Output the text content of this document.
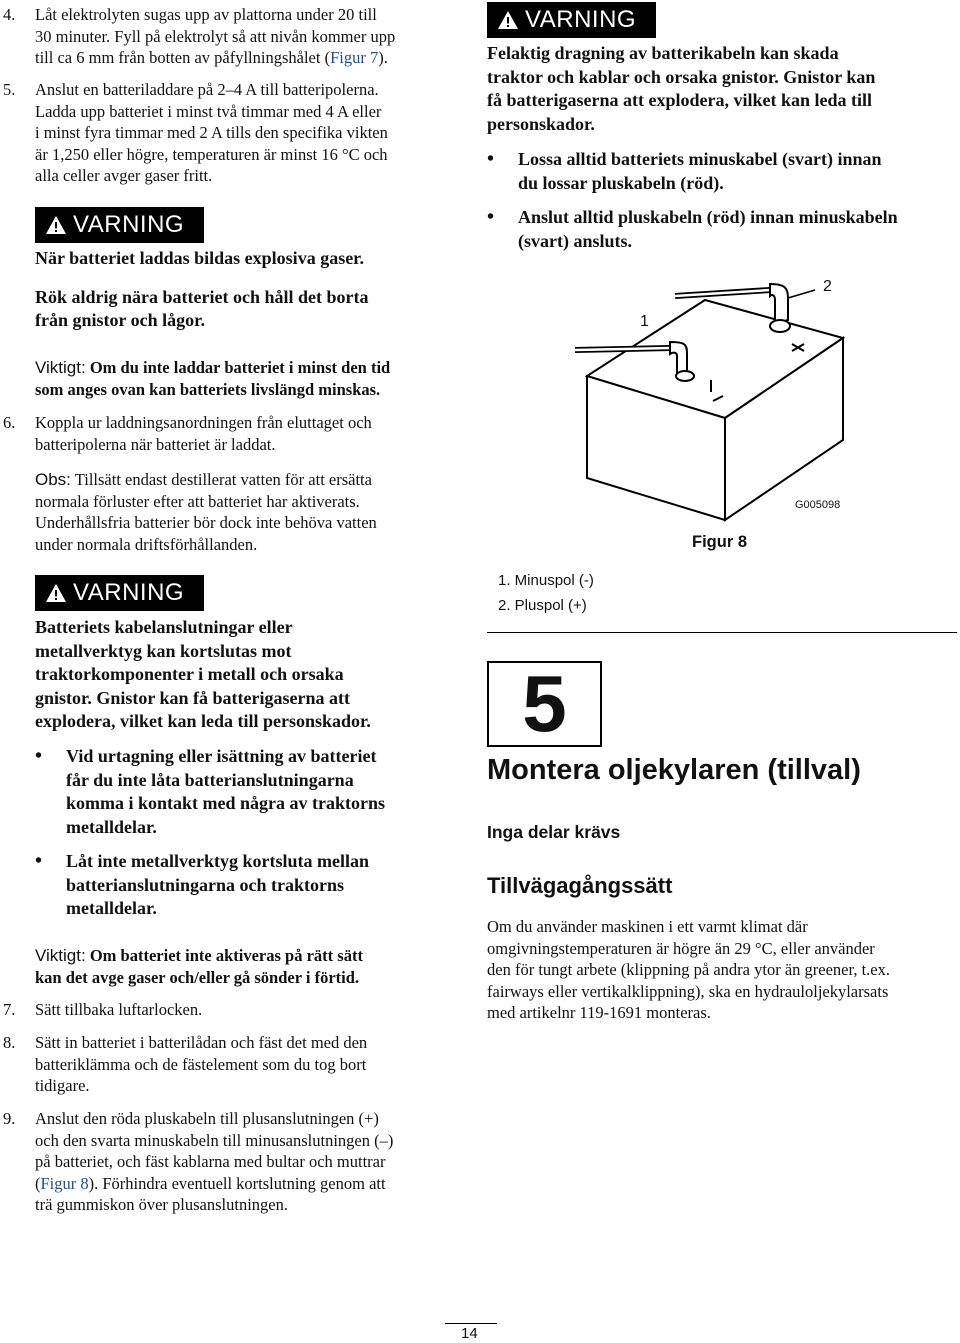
4. Låt elektrolyten sugas upp av plattorna under 20 till
30 minuter. Fyll på elektrolyt så att nivån kommer upp
till ca 6 mm från botten av påfyllningshålet (Figur 7).
5. Anslut en batteriladdare på 2–4 A till batteripolerna.
Ladda upp batteriet i minst två timmar med 4 A eller
i minst fyra timmar med 2 A tills den specifika vikten
är 1,250 eller högre, temperaturen är minst 16 °C och
alla celler avger gaser fritt.
VARNING
När batteriet laddas bildas explosiva gaser.
Rök aldrig nära batteriet och håll det borta
från gnistor och lågor.
Viktigt: Om du inte laddar batteriet i minst den tid
som anges ovan kan batteriets livslängd minskas.
6. Koppla ur laddningsanordningen från eluttaget och
batteripolerna när batteriet är laddat.
Obs: Tillsätt endast destillerat vatten för att ersätta
normala förluster efter att batteriet har aktiverats.
Underhållsfria batterier bör dock inte behöva vatten
under normala driftsförhållanden.
VARNING
Batteriets kabelanslutningar eller
metallverktyg kan kortslutas mot
traktorkomponenter i metall och orsaka
gnistor. Gnistor kan få batterigaserna att
explodera, vilket kan leda till personskador.
• Vid urtagning eller isättning av batteriet
får du inte låta batterianslutningarna
komma i kontakt med några av traktorns
metalldelar.
• Låt inte metallverktyg kortsluta mellan
batterianslutningarna och traktorns
metalldelar.
Viktigt: Om batteriet inte aktiveras på rätt sätt
kan det avge gaser och/eller gå sönder i förtid.
7. Sätt tillbaka luftarlocken.
8. Sätt in batteriet i batterilådan och fäst det med den
batteriklämma och de fästelement som du tog bort
tidigare.
9. Anslut den röda pluskabeln till plusanslutningen (+)
och den svarta minuskabeln till minusanslutningen (–)
på batteriet, och fäst kablarna med bultar och muttrar
(Figur 8). Förhindra eventuell kortslutning genom att
trä gummiskon över plusanslutningen.
VARNING
Felaktig dragning av batterikabeln kan skada
traktor och kablar och orsaka gnistor. Gnistor kan
få batterigaserna att explodera, vilket kan leda till
personskador.
• Lossa alltid batteriets minuskabel (svart) innan
du lossar pluskabeln (röd).
• Anslut alltid pluskabeln (röd) innan minuskabeln
(svart) ansluts.
1
2
G005098
Figur 8
1. Minuspol (-)
2. Pluspol (+)
5
Montera oljekylaren (tillval)
Inga delar krävs
Tillvägagångssätt
Om du använder maskinen i ett varmt klimat där
omgivningstemperaturen är högre än 29 °C, eller använder
den för tungt arbete (klippning på andra ytor än greener, t.ex.
fairways eller vertikalklippning), ska en hydrauloljekylarsats
med artikelnr 119-1691 monteras.
14
